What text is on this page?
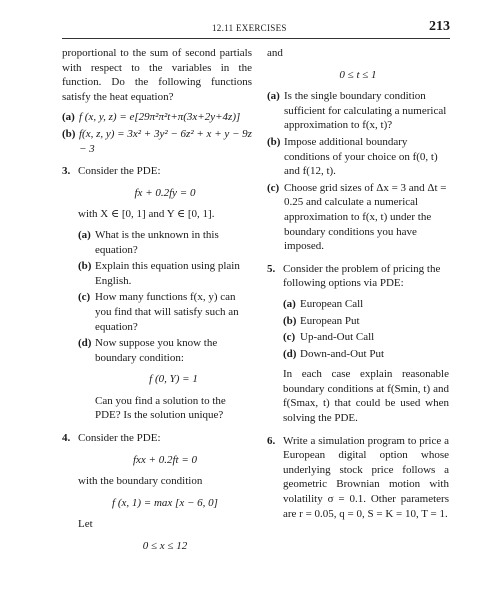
12.11 EXERCISES	213
proportional to the sum of second partials with respect to the variables in the function. Do the following functions satisfy the heat equation?
(a) f (x, y, z) = e[29π²π²t+π(3x+2y+4z)]
(b) f(x, z, y) = 3x² + 3y² − 6z² + x + y − 9z − 3
3. Consider the PDE:
fx + 0.2fy = 0
with X ∈ [0, 1] and Y ∈ [0, 1].
(a) What is the unknown in this equation?
(b) Explain this equation using plain English.
(c) How many functions f(x, y) can you find that will satisfy such an equation?
(d) Now suppose you know the boundary condition:
f (0, Y) = 1
Can you find a solution to the PDE? Is the solution unique?
4. Consider the PDE:
fxx + 0.2ft = 0
with the boundary condition
f (x, 1) = max [x − 6, 0]
Let
0 ≤ x ≤ 12
and
0 ≤ t ≤ 1
(a) Is the single boundary condition sufficient for calculating a numerical approximation to f(x, t)?
(b) Impose additional boundary conditions of your choice on f(0, t) and f(12, t).
(c) Choose grid sizes of Δx = 3 and Δt = 0.25 and calculate a numerical approximation to f(x, t) under the boundary conditions you have imposed.
5. Consider the problem of pricing the following options via PDE:
(a) European Call
(b) European Put
(c) Up-and-Out Call
(d) Down-and-Out Put
In each case explain reasonable boundary conditions at f(Smin, t) and f(Smax, t) that could be used when solving the PDE.
6. Write a simulation program to price a European digital option whose underlying stock price follows a geometric Brownian motion with volatility σ = 0.1. Other parameters are r = 0.05, q = 0, S = K = 10, T = 1.
